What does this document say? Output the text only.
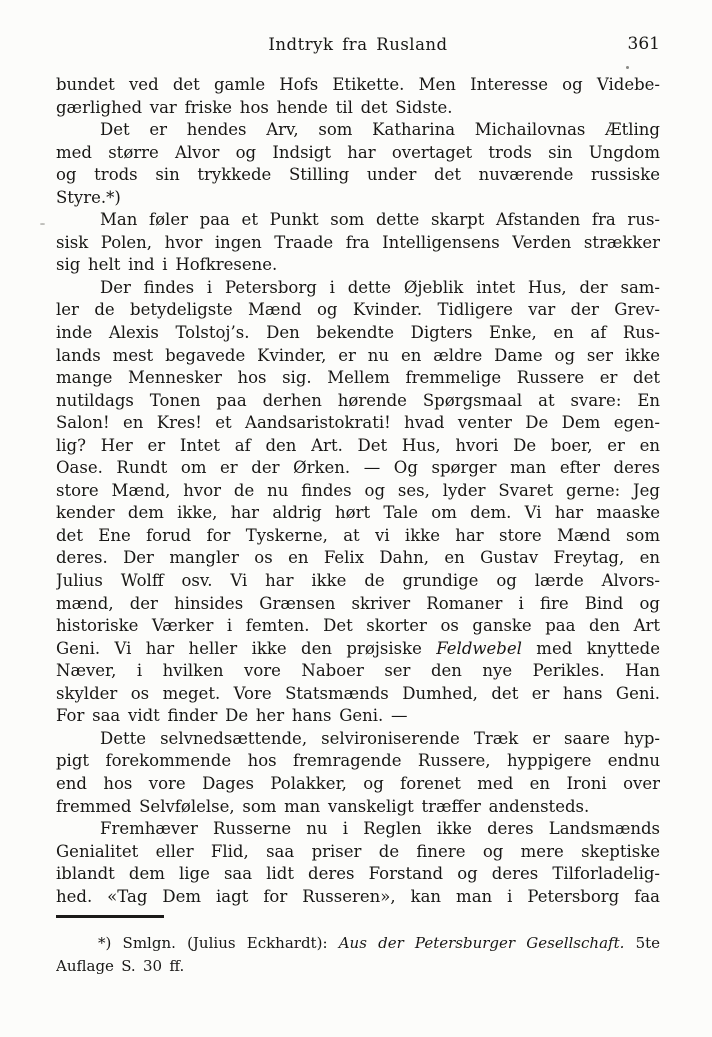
Indtryk fra Rusland	361
bundet ved det gamle Hofs Etikette. Men Interesse og Videbe-
gærlighed var friske hos hende til det Sidste.
Det er hendes Arv, som Katharina Michailovnas Ætling
med større Alvor og Indsigt har overtaget trods sin Ungdom
og trods sin trykkede Stilling under det nuværende russiske
Styre.*)
Man føler paa et Punkt som dette skarpt Afstanden fra rus-
sisk Polen, hvor ingen Traade fra Intelligensens Verden strækker
sig helt ind i Hofkresene.
Der findes i Petersborg i dette Øjeblik intet Hus, der sam-
ler de betydeligste Mænd og Kvinder. Tidligere var der Grev-
inde Alexis Tolstoj’s. Den bekendte Digters Enke, en af Rus-
lands mest begavede Kvinder, er nu en ældre Dame og ser ikke
mange Mennesker hos sig. Mellem fremmelige Russere er det
nutildags Tonen paa derhen hørende Spørgsmaal at svare: En
Salon! en Kres! et Aandsaristokrati! hvad venter De Dem egen-
lig? Her er Intet af den Art. Det Hus, hvori De boer, er en
Oase. Rundt om er der Ørken. — Og spørger man efter deres
store Mænd, hvor de nu findes og ses, lyder Svaret gerne: Jeg
kender dem ikke, har aldrig hørt Tale om dem. Vi har maaske
det Ene forud for Tyskerne, at vi ikke har store Mænd som
deres. Der mangler os en Felix Dahn, en Gustav Freytag, en
Julius Wolff osv. Vi har ikke de grundige og lærde Alvors-
mænd, der hinsides Grænsen skriver Romaner i fire Bind og
historiske Værker i femten. Det skorter os ganske paa den Art
Geni. Vi har heller ikke den prøjsiske Feldwebel med knyttede
Næver, i hvilken vore Naboer ser den nye Perikles. Han
skylder os meget. Vore Statsmænds Dumhed, det er hans Geni.
For saa vidt finder De her hans Geni. —
Dette selvnedsættende, selvironiserende Træk er saare hyp-
pigt forekommende hos fremragende Russere, hyppigere endnu
end hos vore Dages Polakker, og forenet med en Ironi over
fremmed Selvfølelse, som man vanskeligt træffer andensteds.
Fremhæver Russerne nu i Reglen ikke deres Landsmænds
Genialitet eller Flid, saa priser de finere og mere skeptiske
iblandt dem lige saa lidt deres Forstand og deres Tilforladelig-
hed. «Tag Dem iagt for Russeren», kan man i Petersborg faa
*) Smlgn. (Julius Eckhardt): Aus der Petersburger Gesellschaft. 5te
Auflage S. 30 ff.
